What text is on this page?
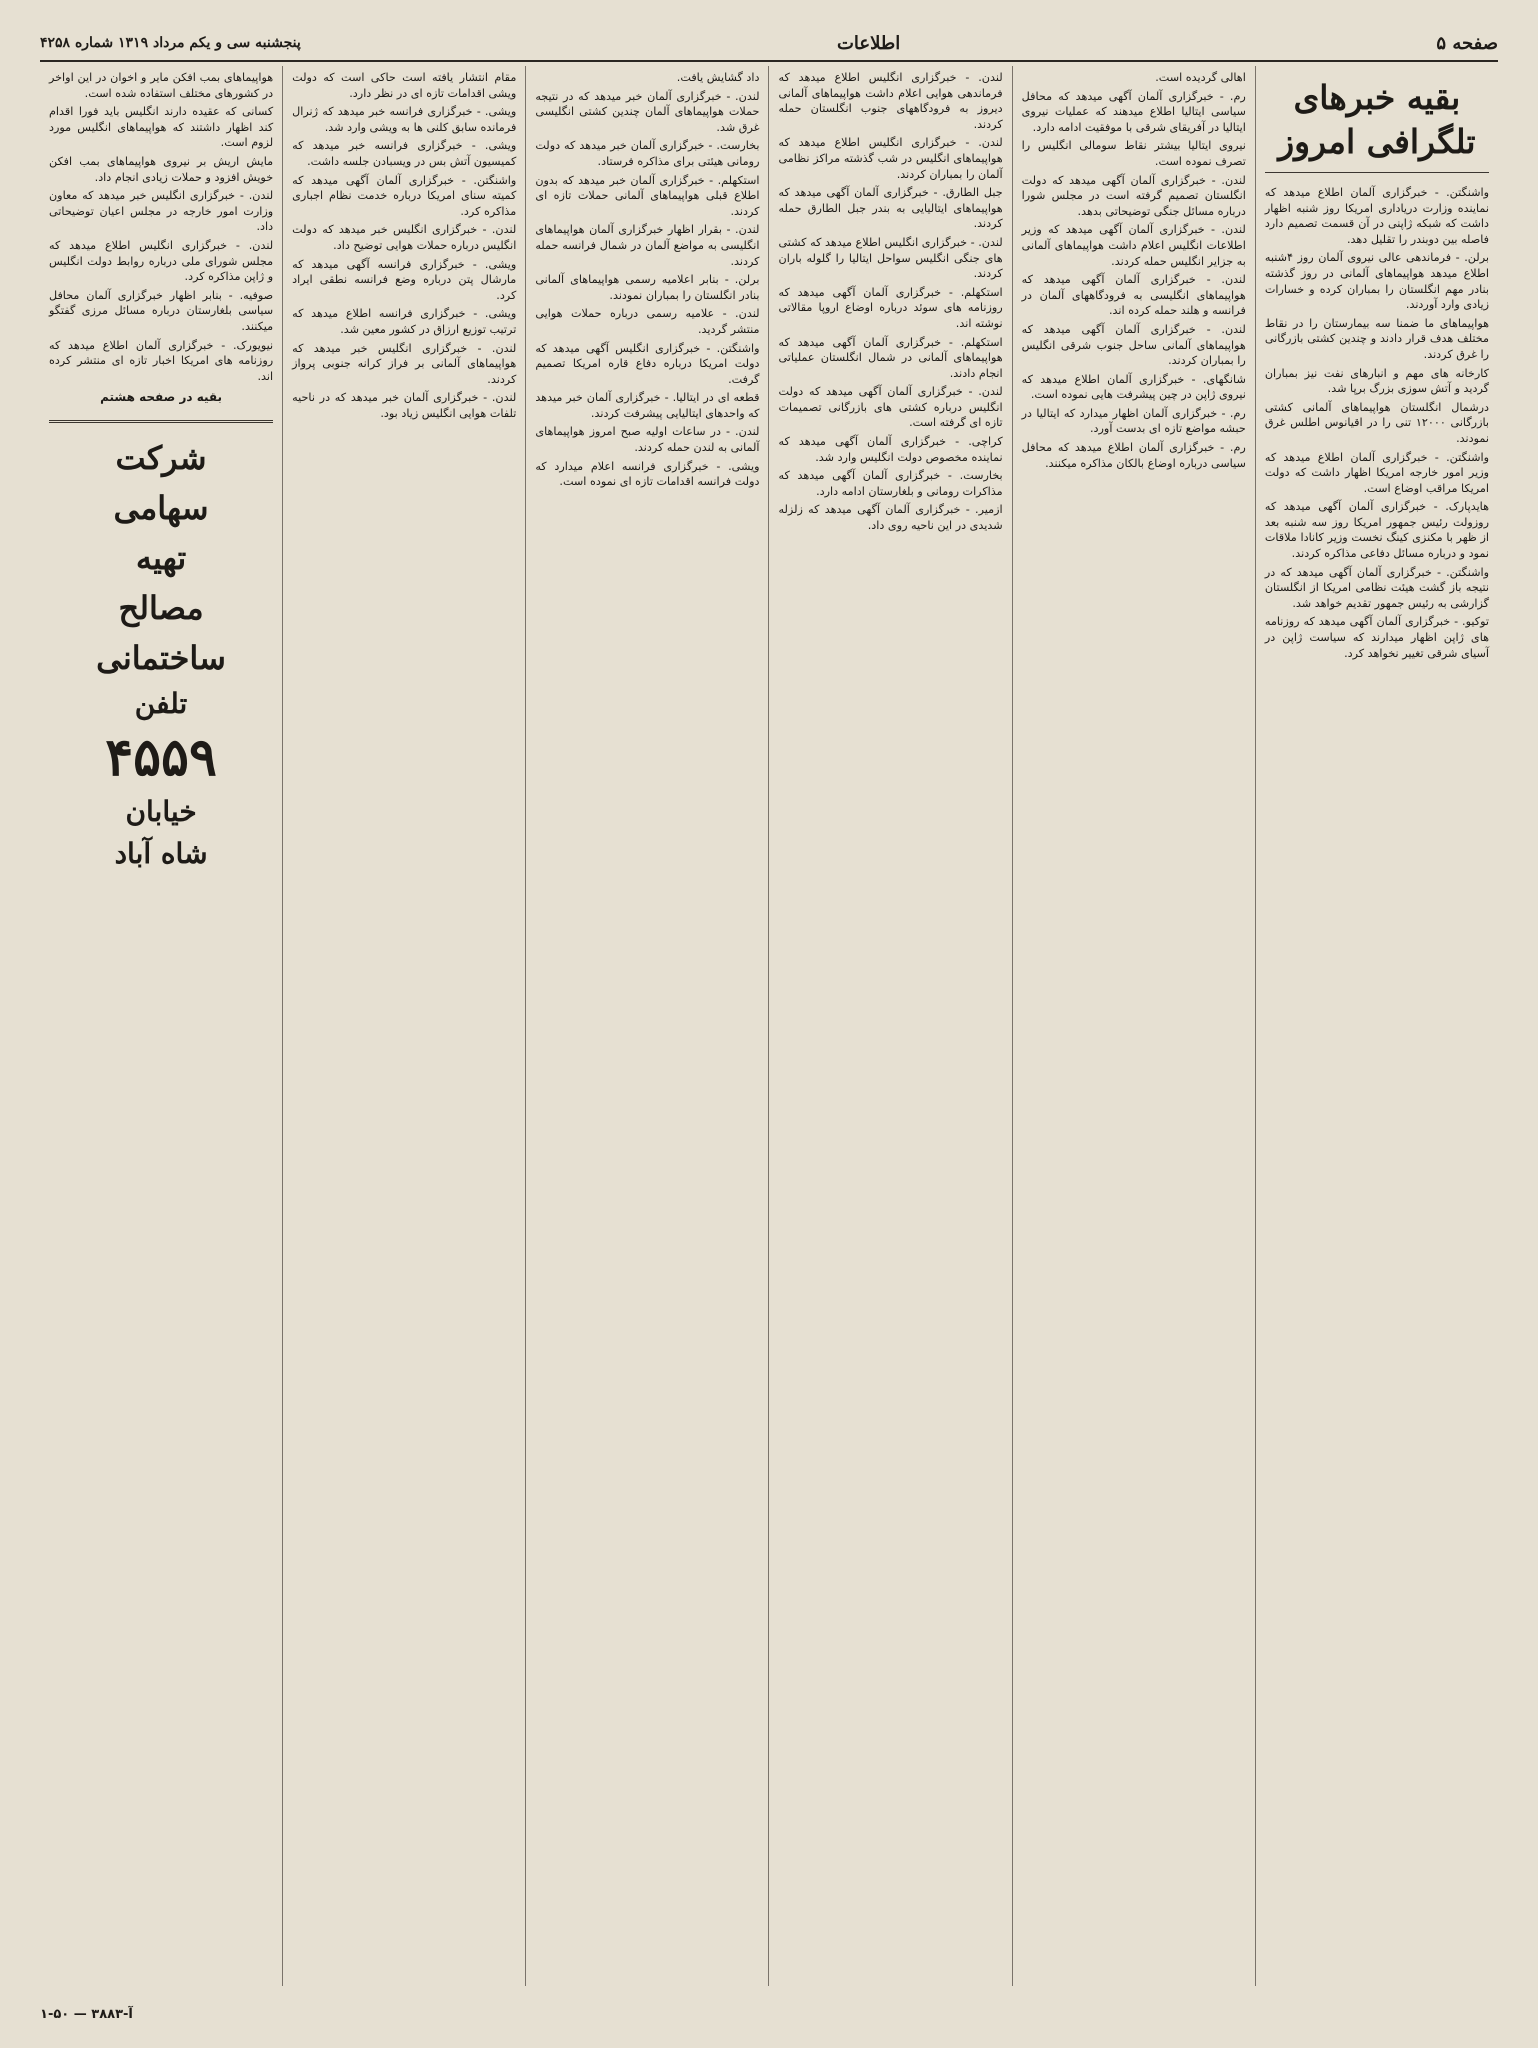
صفحه ۵
اطلاعات
پنجشنبه سی و یکم مرداد ۱۳۱۹ شماره ۴۲۵۸
بقیه خبرهای تلگرافی امروز

واشنگتن. - خبرگزاری آلمان اطلاع میدهد که نماینده وزارت دریاداری امریکا روز شنبه اظهار داشت که شبکه ژاپنی در آن قسمت تصمیم دارد فاصله بین دوبندر را تقلیل دهد.

برلن. - فرماندهی عالی نیروی آلمان روز ۴شنبه اطلاع میدهد هواپیماهای آلمانی در روز گذشته بنادر مهم انگلستان را بمباران کرده و خسارات زیادی وارد آوردند.

هواپیماهای ما ضمنا سه بیمارستان را در نقاط مختلف هدف قرار دادند و چندین کشتی بازرگانی را غرق کردند.

کارخانه های مهم و انبارهای نفت نیز بمباران گردید و آتش سوزی بزرگ برپا شد.

درشمال انگلستان هواپیماهای آلمانی کشتی بازرگانی ۱۲۰۰۰ تنی را در اقیانوس اطلس غرق نمودند.

واشنگتن. - خبرگزاری آلمان اطلاع میدهد که وزیر امور خارجه امریکا اظهار داشت که دولت امریکا مراقب اوضاع است.

هایدپارک. - خبرگزاری آلمان آگهی میدهد که روزولت رئیس جمهور امریکا روز سه شنبه بعد از ظهر با مکنزی کینگ نخست وزیر کانادا ملاقات نمود و درباره مسائل دفاعی مذاکره کردند.

واشنگتن. - خبرگزاری آلمان آگهی میدهد که در نتیجه باز گشت هیئت نظامی امریکا از انگلستان گزارشی به رئیس جمهور تقدیم خواهد شد.

توکیو. - خبرگزاری آلمان آگهی میدهد که روزنامه های ژاپن اظهار میدارند که سیاست ژاپن در آسیای شرقی تغییر نخواهد کرد.

اهالی گردیده است.

رم. - خبرگزاری آلمان آگهی میدهد که محافل سیاسی ایتالیا اطلاع میدهند که عملیات نیروی ایتالیا در آفریقای شرقی با موفقیت ادامه دارد.

نیروی ایتالیا بیشتر نقاط سومالی انگلیس را تصرف نموده است.

لندن. - خبرگزاری آلمان آگهی میدهد که دولت انگلستان تصمیم گرفته است در مجلس شورا درباره مسائل جنگی توضیحاتی بدهد.

لندن. - خبرگزاری آلمان آگهی میدهد که وزیر اطلاعات انگلیس اعلام داشت هواپیماهای آلمانی به جزایر انگلیس حمله کردند.

لندن. - خبرگزاری آلمان آگهی میدهد که هواپیماهای انگلیسی به فرودگاههای آلمان در فرانسه و هلند حمله کرده اند.

لندن. - خبرگزاری آلمان آگهی میدهد که هواپیماهای آلمانی ساحل جنوب شرقی انگلیس را بمباران کردند.

شانگهای. - خبرگزاری آلمان اطلاع میدهد که نیروی ژاپن در چین پیشرفت هایی نموده است.

رم. - خبرگزاری آلمان اظهار میدارد که ایتالیا در حبشه مواضع تازه ای بدست آورد.

رم. - خبرگزاری آلمان اطلاع میدهد که محافل سیاسی درباره اوضاع بالکان مذاکره میکنند.

لندن. - خبرگزاری انگلیس اطلاع میدهد که فرماندهی هوایی اعلام داشت هواپیماهای آلمانی دیروز به فرودگاههای جنوب انگلستان حمله کردند.

لندن. - خبرگزاری انگلیس اطلاع میدهد که هواپیماهای انگلیس در شب گذشته مراکز نظامی آلمان را بمباران کردند.

جبل الطارق. - خبرگزاری آلمان آگهی میدهد که هواپیماهای ایتالیایی به بندر جبل الطارق حمله کردند.

لندن. - خبرگزاری انگلیس اطلاع میدهد که کشتی های جنگی انگلیس سواحل ایتالیا را گلوله باران کردند.

استکهلم. - خبرگزاری آلمان آگهی میدهد که روزنامه های سوئد درباره اوضاع اروپا مقالاتی نوشته اند.

استکهلم. - خبرگزاری آلمان آگهی میدهد که هواپیماهای آلمانی در شمال انگلستان عملیاتی انجام دادند.

لندن. - خبرگزاری آلمان آگهی میدهد که دولت انگلیس درباره کشتی های بازرگانی تصمیمات تازه ای گرفته است.

کراچی. - خبرگزاری آلمان آگهی میدهد که نماینده مخصوص دولت انگلیس وارد شد.

بخارست. - خبرگزاری آلمان آگهی میدهد که مذاکرات رومانی و بلغارستان ادامه دارد.

ازمیر. - خبرگزاری آلمان آگهی میدهد که زلزله شدیدی در این ناحیه روی داد.

داد گشایش یافت.

لندن. - خبرگزاری آلمان خبر میدهد که در نتیجه حملات هواپیماهای آلمان چندین کشتی انگلیسی غرق شد.

بخارست. - خبرگزاری آلمان خبر میدهد که دولت رومانی هیئتی برای مذاکره فرستاد.

استکهلم. - خبرگزاری آلمان خبر میدهد که بدون اطلاع قبلی هواپیماهای آلمانی حملات تازه ای کردند.

لندن. - بقرار اظهار خبرگزاری آلمان هواپیماهای انگلیسی به مواضع آلمان در شمال فرانسه حمله کردند.

برلن. - بنابر اعلامیه رسمی هواپیماهای آلمانی بنادر انگلستان را بمباران نمودند.

لندن. - علامیه رسمی درباره حملات هوایی منتشر گردید.

واشنگتن. - خبرگزاری انگلیس آگهی میدهد که دولت امریکا درباره دفاع قاره امریکا تصمیم گرفت.

قطعه ای در ایتالیا. - خبرگزاری آلمان خبر میدهد که واحدهای ایتالیایی پیشرفت کردند.

لندن. - در ساعات اولیه صبح امروز هواپیماهای آلمانی به لندن حمله کردند.

ویشی. - خبرگزاری فرانسه اعلام میدارد که دولت فرانسه اقدامات تازه ای نموده است.

مقام انتشار یافته است حاکی است که دولت ویشی اقدامات تازه ای در نظر دارد.

ویشی. - خبرگزاری فرانسه خبر میدهد که ژنرال فرمانده سابق کلنی ها به ویشی وارد شد.

ویشی. - خبرگزاری فرانسه خبر میدهد که کمیسیون آتش بس در ویسبادن جلسه داشت.

واشنگتن. - خبرگزاری آلمان آگهی میدهد که کمیته سنای امریکا درباره خدمت نظام اجباری مذاکره کرد.

لندن. - خبرگزاری انگلیس خبر میدهد که دولت انگلیس درباره حملات هوایی توضیح داد.

ویشی. - خبرگزاری فرانسه آگهی میدهد که مارشال پتن درباره وضع فرانسه نطقی ایراد کرد.

ویشی. - خبرگزاری فرانسه اطلاع میدهد که ترتیب توزیع ارزاق در کشور معین شد.

لندن. - خبرگزاری انگلیس خبر میدهد که هواپیماهای آلمانی بر فراز کرانه جنوبی پرواز کردند.

لندن. - خبرگزاری آلمان خبر میدهد که در ناحیه تلفات هوایی انگلیس زیاد بود.

هواپیماهای بمب افکن مایر و اخوان در این اواخر در کشورهای مختلف استفاده شده است.

کسانی که عقیده دارند انگلیس باید فورا اقدام کند اظهار داشتند که هواپیماهای انگلیس مورد لزوم است.

مایش اریش بر نیروی هواپیماهای بمب افکن خویش افزود و حملات زیادی انجام داد.

لندن. - خبرگزاری انگلیس خبر میدهد که معاون وزارت امور خارجه در مجلس اعیان توضیحاتی داد.

لندن. - خبرگزاری انگلیس اطلاع میدهد که مجلس شورای ملی درباره روابط دولت انگلیس و ژاپن مذاکره کرد.

صوفیه. - بنابر اظهار خبرگزاری آلمان محافل سیاسی بلغارستان درباره مسائل مرزی گفتگو میکنند.

نیویورک. - خبرگزاری آلمان اطلاع میدهد که روزنامه های امریکا اخبار تازه ای منتشر کرده اند.

بقیه در صفحه هشتم

شرکت
سهامی
تهیه
مصالح
ساختمانی
تلفن
۴۵۵۹
خیابان
شاه آباد
آ-۳۸۸۳ — ۵۰-۱
